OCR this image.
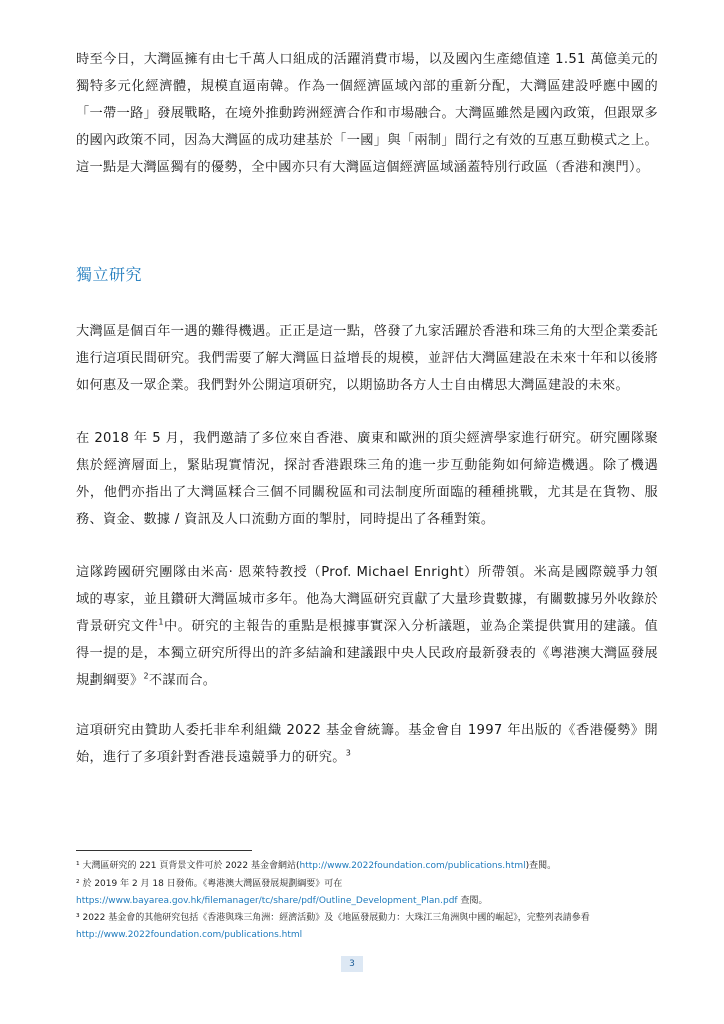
時至今日，大灣區擁有由七千萬人口組成的活躍消費市場，以及國內生產總值達 1.51 萬億美元的獨特多元化經濟體，規模直逼南韓。作為一個經濟區域內部的重新分配，大灣區建設呼應中國的「一帶一路」發展戰略，在境外推動跨洲經濟合作和市場融合。大灣區雖然是國內政策，但跟眾多的國內政策不同，因為大灣區的成功建基於「一國」與「兩制」間行之有效的互惠互動模式之上。這一點是大灣區獨有的優勢，全中國亦只有大灣區這個經濟區域涵蓋特別行政區（香港和澳門）。

獨立研究

大灣區是個百年一遇的難得機遇。正正是這一點，啓發了九家活躍於香港和珠三角的大型企業委託進行這項民間研究。我們需要了解大灣區日益增長的規模，並評估大灣區建設在未來十年和以後將如何惠及一眾企業。我們對外公開這項研究，以期協助各方人士自由構思大灣區建設的未來。

在 2018 年 5 月，我們邀請了多位來自香港、廣東和歐洲的頂尖經濟學家進行研究。研究團隊聚焦於經濟層面上，緊貼現實情況，探討香港跟珠三角的進一步互動能夠如何締造機遇。除了機遇外，他們亦指出了大灣區糅合三個不同關稅區和司法制度所面臨的種種挑戰，尤其是在貨物、服務、資金、數據 / 資訊及人口流動方面的掣肘，同時提出了各種對策。

這隊跨國研究團隊由米高· 恩萊特教授（Prof. Michael Enright）所帶領。米高是國際競爭力領域的專家，並且鑽研大灣區城市多年。他為大灣區研究貢獻了大量珍貴數據，有關數據另外收錄於背景研究文件$^1$中。研究的主報告的重點是根據事實深入分析議題，並為企業提供實用的建議。值得一提的是，本獨立研究所得出的許多結論和建議跟中央人民政府最新發表的《粵港澳大灣區發展規劃綱要》$^2$不謀而合。

這項研究由贊助人委托非牟利組織 2022 基金會統籌。基金會自 1997 年出版的《香港優勢》開始，進行了多項針對香港長遠競爭力的研究。$^3$

¹ 大灣區研究的 221 頁背景文件可於 2022 基金會網站(http://www.2022foundation.com/publications.html)查閱。
² 於 2019 年 2 月 18 日發佈。《粵港澳大灣區發展規劃綱要》可在
https://www.bayarea.gov.hk/filemanager/tc/share/pdf/Outline_Development_Plan.pdf 查閱。
³ 2022 基金會的其他研究包括《香港與珠三角洲：經濟活動》及《地區發展動力：大珠江三角洲與中國的崛起》，完整列表請參看
http://www.2022foundation.com/publications.html
3
